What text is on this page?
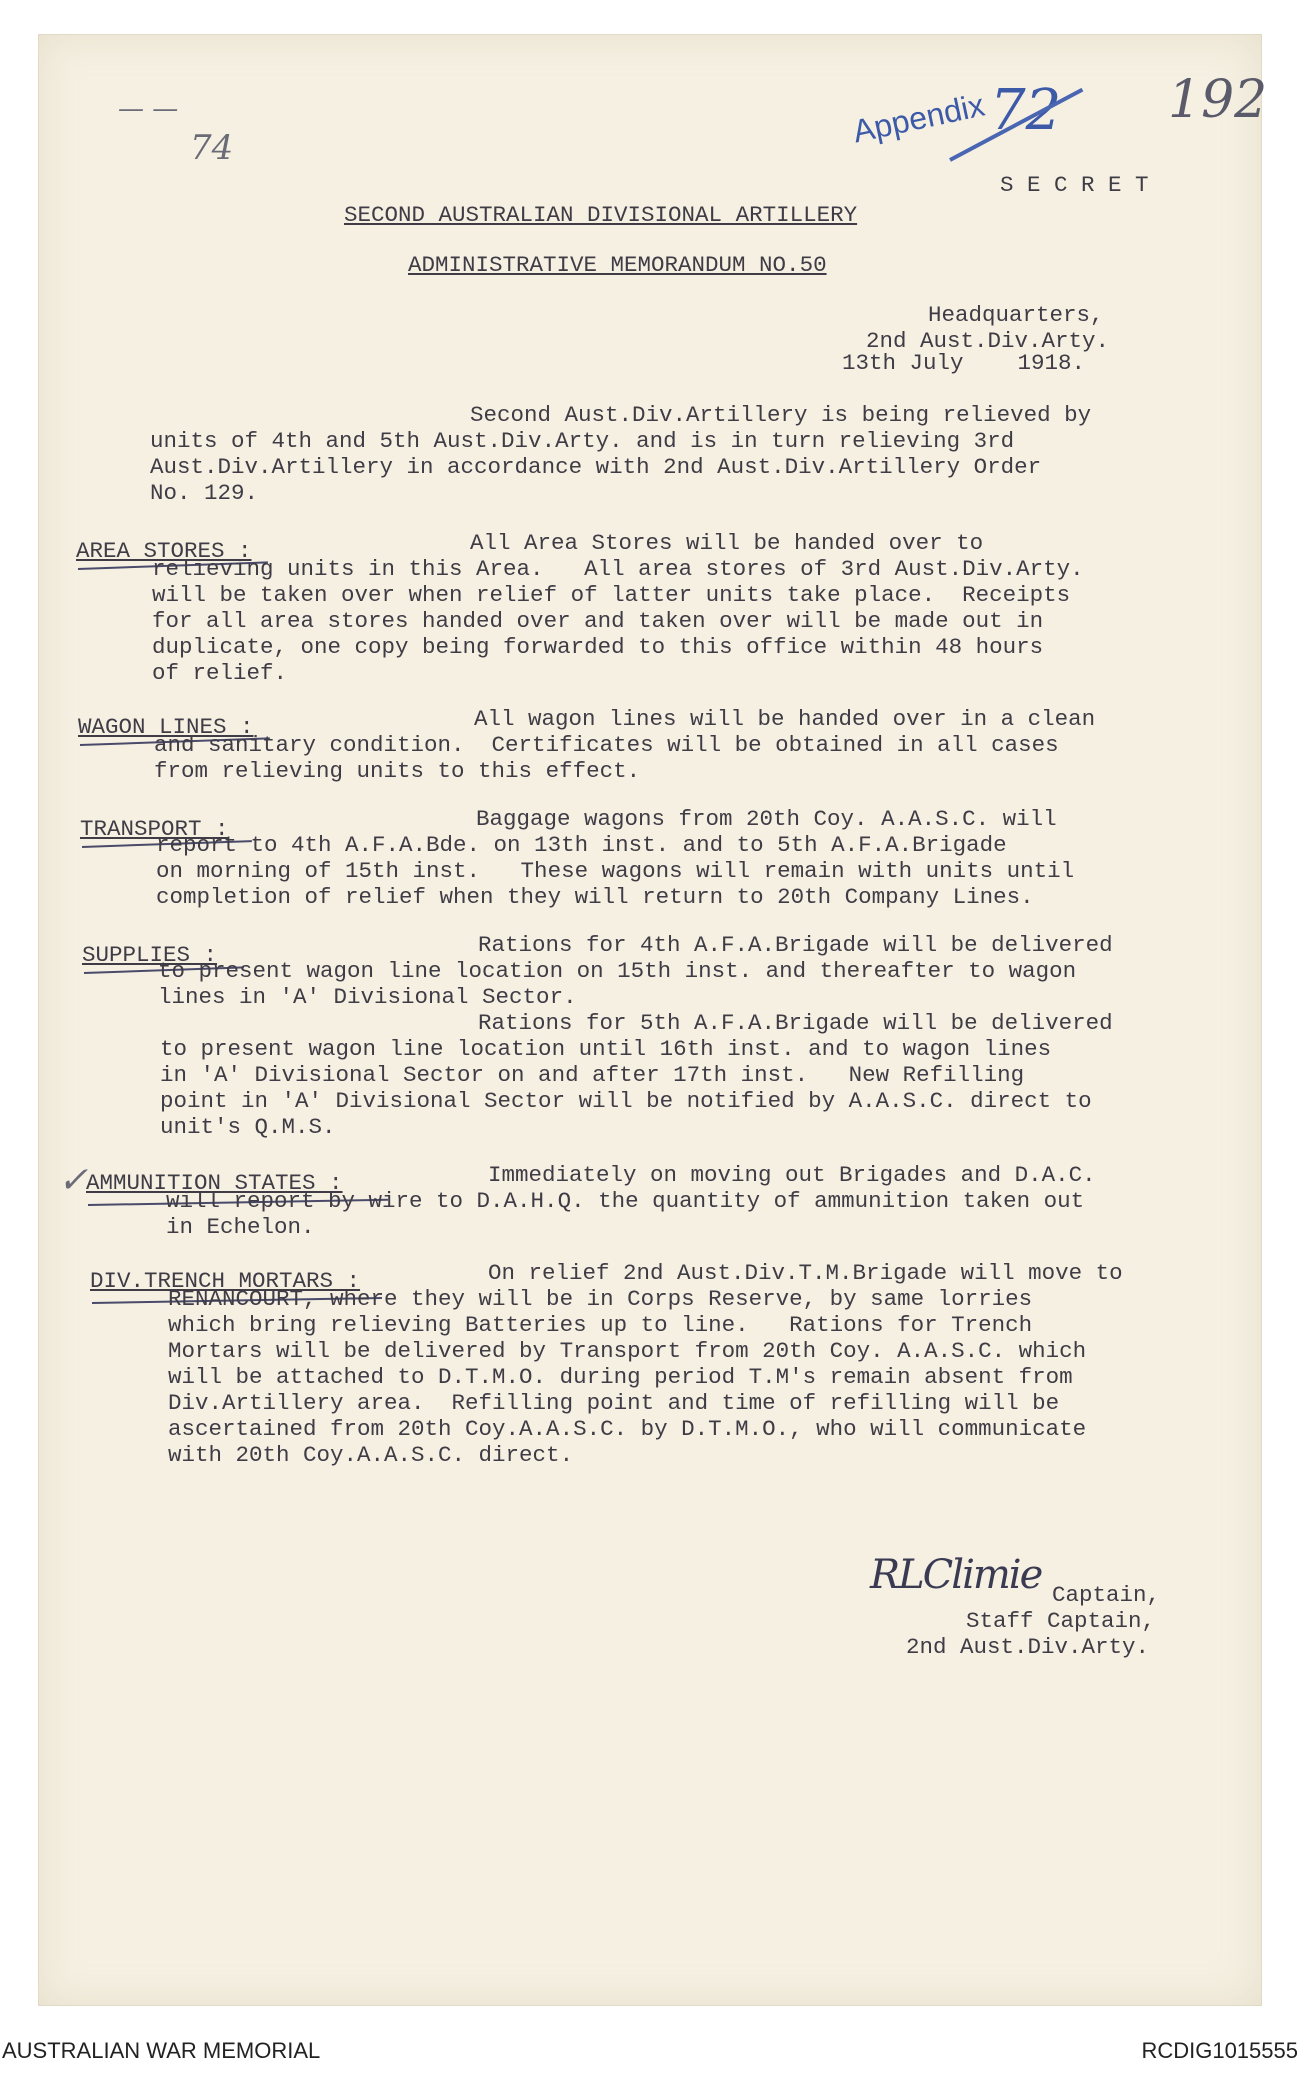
— —
74
192
Appendix 72
S E C R E T
SECOND AUSTRALIAN DIVISIONAL ARTILLERY
ADMINISTRATIVE MEMORANDUM NO.50
Headquarters,
2nd Aust.Div.Arty.
13th July    1918.
Second Aust.Div.Artillery is being relieved by
units of 4th and 5th Aust.Div.Arty. and is in turn relieving 3rd
Aust.Div.Artillery in accordance with 2nd Aust.Div.Artillery Order
No. 129.
AREA STORES :	All Area Stores will be handed over to
relieving units in this Area.   All area stores of 3rd Aust.Div.Arty.
will be taken over when relief of latter units take place.  Receipts
for all area stores handed over and taken over will be made out in
duplicate, one copy being forwarded to this office within 48 hours
of relief.
WAGON LINES :	All wagon lines will be handed over in a clean
and sanitary condition.  Certificates will be obtained in all cases
from relieving units to this effect.
TRANSPORT :	Baggage wagons from 20th Coy. A.A.S.C. will
report to 4th A.F.A.Bde. on 13th inst. and to 5th A.F.A.Brigade
on morning of 15th inst.   These wagons will remain with units until
completion of relief when they will return to 20th Company Lines.
SUPPLIES :	Rations for 4th A.F.A.Brigade will be delivered
to present wagon line location on 15th inst. and thereafter to wagon
lines in 'A' Divisional Sector.
Rations for 5th A.F.A.Brigade will be delivered
to present wagon line location until 16th inst. and to wagon lines
in 'A' Divisional Sector on and after 17th inst.   New Refilling
point in 'A' Divisional Sector will be notified by A.A.S.C. direct to
unit's Q.M.S.
✓
AMMUNITION STATES :	Immediately on moving out Brigades and D.A.C.
will report by wire to D.A.H.Q. the quantity of ammunition taken out
in Echelon.
DIV.TRENCH MORTARS :	On relief 2nd Aust.Div.T.M.Brigade will move to
RENANCOURT, where they will be in Corps Reserve, by same lorries
which bring relieving Batteries up to line.   Rations for Trench
Mortars will be delivered by Transport from 20th Coy. A.A.S.C. which
will be attached to D.T.M.O. during period T.M's remain absent from
Div.Artillery area.  Refilling point and time of refilling will be
ascertained from 20th Coy.A.A.S.C. by D.T.M.O., who will communicate
with 20th Coy.A.A.S.C. direct.
RLClimie Captain,
Staff Captain,
2nd Aust.Div.Arty.
AUSTRALIAN WAR MEMORIAL	RCDIG1015555
